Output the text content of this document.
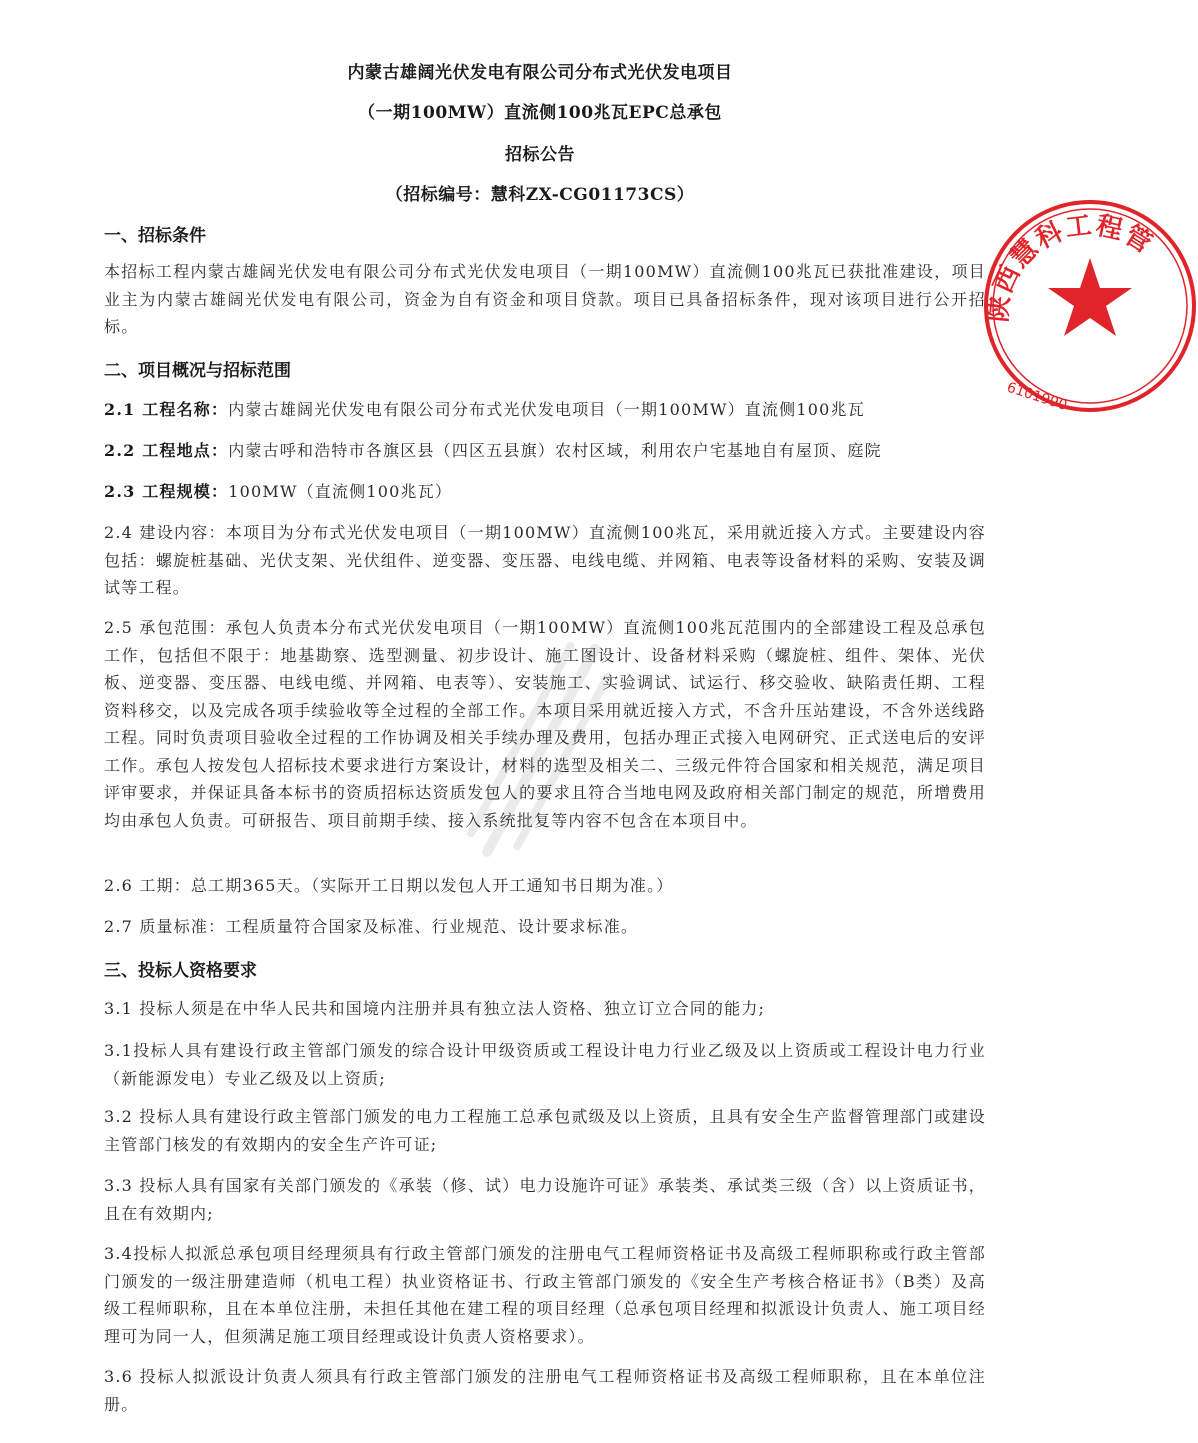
内蒙古雄阔光伏发电有限公司分布式光伏发电项目
（一期100MW）直流侧100兆瓦EPC总承包
招标公告
（招标编号：慧科ZX-CG01173CS）
一、招标条件
本招标工程内蒙古雄阔光伏发电有限公司分布式光伏发电项目（一期100MW）直流侧100兆瓦已获批准建设，项目业主为内蒙古雄阔光伏发电有限公司，资金为自有资金和项目贷款。项目已具备招标条件，现对该项目进行公开招标。
二、项目概况与招标范围
2.1 工程名称：内蒙古雄阔光伏发电有限公司分布式光伏发电项目（一期100MW）直流侧100兆瓦
2.2 工程地点：内蒙古呼和浩特市各旗区县（四区五县旗）农村区域，利用农户宅基地自有屋顶、庭院
2.3 工程规模：100MW（直流侧100兆瓦）
2.4 建设内容：本项目为分布式光伏发电项目（一期100MW）直流侧100兆瓦，采用就近接入方式。主要建设内容包括：螺旋桩基础、光伏支架、光伏组件、逆变器、变压器、电线电缆、并网箱、电表等设备材料的采购、安装及调试等工程。
2.5 承包范围：承包人负责本分布式光伏发电项目（一期100MW）直流侧100兆瓦范围内的全部建设工程及总承包工作，包括但不限于：地基勘察、选型测量、初步设计、施工图设计、设备材料采购（螺旋桩、组件、架体、光伏板、逆变器、变压器、电线电缆、并网箱、电表等）、安装施工、实验调试、试运行、移交验收、缺陷责任期、工程资料移交，以及完成各项手续验收等全过程的全部工作。本项目采用就近接入方式，不含升压站建设，不含外送线路工程。同时负责项目验收全过程的工作协调及相关手续办理及费用，包括办理正式接入电网研究、正式送电后的安评工作。承包人按发包人招标技术要求进行方案设计，材料的选型及相关二、三级元件符合国家和相关规范，满足项目评审要求，并保证具备本标书的资质招标达资质发包人的要求且符合当地电网及政府相关部门制定的规范，所增费用均由承包人负责。可研报告、项目前期手续、接入系统批复等内容不包含在本项目中。
2.6 工期：总工期365天。（实际开工日期以发包人开工通知书日期为准。）
2.7 质量标准：工程质量符合国家及标准、行业规范、设计要求标准。
三、投标人资格要求
3.1 投标人须是在中华人民共和国境内注册并具有独立法人资格、独立订立合同的能力;
3.1投标人具有建设行政主管部门颁发的综合设计甲级资质或工程设计电力行业乙级及以上资质或工程设计电力行业（新能源发电）专业乙级及以上资质;
3.2 投标人具有建设行政主管部门颁发的电力工程施工总承包贰级及以上资质，且具有安全生产监督管理部门或建设主管部门核发的有效期内的安全生产许可证;
3.3 投标人具有国家有关部门颁发的《承装（修、试）电力设施许可证》承装类、承试类三级（含）以上资质证书，且在有效期内;
3.4投标人拟派总承包项目经理须具有行政主管部门颁发的注册电气工程师资格证书及高级工程师职称或行政主管部门颁发的一级注册建造师（机电工程）执业资格证书、行政主管部门颁发的《安全生产考核合格证书》（B类）及高级工程师职称，且在本单位注册，未担任其他在建工程的项目经理（总承包项目经理和拟派设计负责人、施工项目经理可为同一人，但须满足施工项目经理或设计负责人资格要求）。
3.6 投标人拟派设计负责人须具有行政主管部门颁发的注册电气工程师资格证书及高级工程师职称，且在本单位注册。
陕西慧科工程管
6101990
